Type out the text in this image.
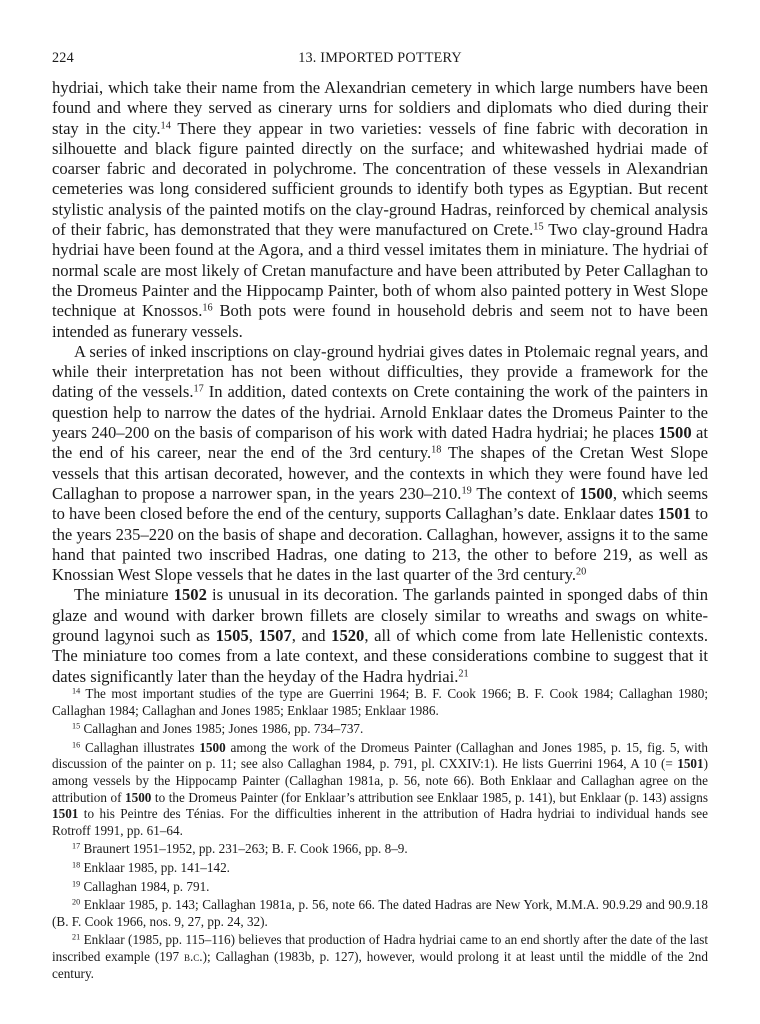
224	13. IMPORTED POTTERY

hydriai, which take their name from the Alexandrian cemetery in which large numbers have been found and where they served as cinerary urns for soldiers and diplomats who died during their stay in the city.$^{14}$ There they appear in two varieties: vessels of fine fabric with decoration in silhouette and black figure painted directly on the surface; and whitewashed hydriai made of coarser fabric and decorated in polychrome. The concentration of these vessels in Alexandrian cemeteries was long considered sufficient grounds to identify both types as Egyptian. But recent stylistic analysis of the painted motifs on the clay-ground Hadras, reinforced by chemical analysis of their fabric, has demonstrated that they were manufactured on Crete.$^{15}$ Two clay-ground Hadra hydriai have been found at the Agora, and a third vessel imitates them in miniature. The hydriai of normal scale are most likely of Cretan manufacture and have been attributed by Peter Callaghan to the Dromeus Painter and the Hippocamp Painter, both of whom also painted pottery in West Slope technique at Knossos.$^{16}$ Both pots were found in household debris and seem not to have been intended as funerary vessels.

A series of inked inscriptions on clay-ground hydriai gives dates in Ptolemaic regnal years, and while their interpretation has not been without difficulties, they provide a framework for the dating of the vessels.$^{17}$ In addition, dated contexts on Crete containing the work of the painters in question help to narrow the dates of the hydriai. Arnold Enklaar dates the Dromeus Painter to the years 240–200 on the basis of comparison of his work with dated Hadra hydriai; he places 1500 at the end of his career, near the end of the 3rd century.$^{18}$ The shapes of the Cretan West Slope vessels that this artisan decorated, however, and the contexts in which they were found have led Callaghan to propose a narrower span, in the years 230–210.19 The context of 1500, which seems to have been closed before the end of the century, supports Callaghan’s date. Enklaar dates 1501 to the years 235–220 on the basis of shape and decoration. Callaghan, however, assigns it to the same hand that painted two inscribed Hadras, one dating to 213, the other to before 219, as well as Knossian West Slope vessels that he dates in the last quarter of the 3rd century.$^{20}$

The miniature 1502 is unusual in its decoration. The garlands painted in sponged dabs of thin glaze and wound with darker brown fillets are closely similar to wreaths and swags on white-ground lagynoi such as 1505, 1507, and 1520, all of which come from late Hellenistic contexts. The miniature too comes from a late context, and these considerations combine to suggest that it dates significantly later than the heyday of the Hadra hydriai.$^{21}$

$^{14}$ The most important studies of the type are Guerrini 1964; B. F. Cook 1966; B. F. Cook 1984; Callaghan 1980; Callaghan 1984; Callaghan and Jones 1985; Enklaar 1985; Enklaar 1986.

$^{15}$ Callaghan and Jones 1985; Jones 1986, pp. 734–737.

$^{16}$ Callaghan illustrates 1500 among the work of the Dromeus Painter (Callaghan and Jones 1985, p. 15, fig. 5, with discussion of the painter on p. 11; see also Callaghan 1984, p. 791, pl. CXXIV:1). He lists Guerrini 1964, A 10 (= 1501) among vessels by the Hippocamp Painter (Callaghan 1981a, p. 56, note 66). Both Enklaar and Callaghan agree on the attribution of 1500 to the Dromeus Painter (for Enklaar’s attribution see Enklaar 1985, p. 141), but Enklaar (p. 143) assigns 1501 to his Peintre des Ténias. For the difficulties inherent in the attribution of Hadra hydriai to individual hands see Rotroff 1991, pp. 61–64.

$^{17}$ Braunert 1951–1952, pp. 231–263; B. F. Cook 1966, pp. 8–9.

$^{18}$ Enklaar 1985, pp. 141–142.

$^{19}$ Callaghan 1984, p. 791.

$^{20}$ Enklaar 1985, p. 143; Callaghan 1981a, p. 56, note 66. The dated Hadras are New York, M.M.A. 90.9.29 and 90.9.18 (B. F. Cook 1966, nos. 9, 27, pp. 24, 32).

$^{21}$ Enklaar (1985, pp. 115–116) believes that production of Hadra hydriai came to an end shortly after the date of the last inscribed example (197 b.c.); Callaghan (1983b, p. 127), however, would prolong it at least until the middle of the 2nd century.
